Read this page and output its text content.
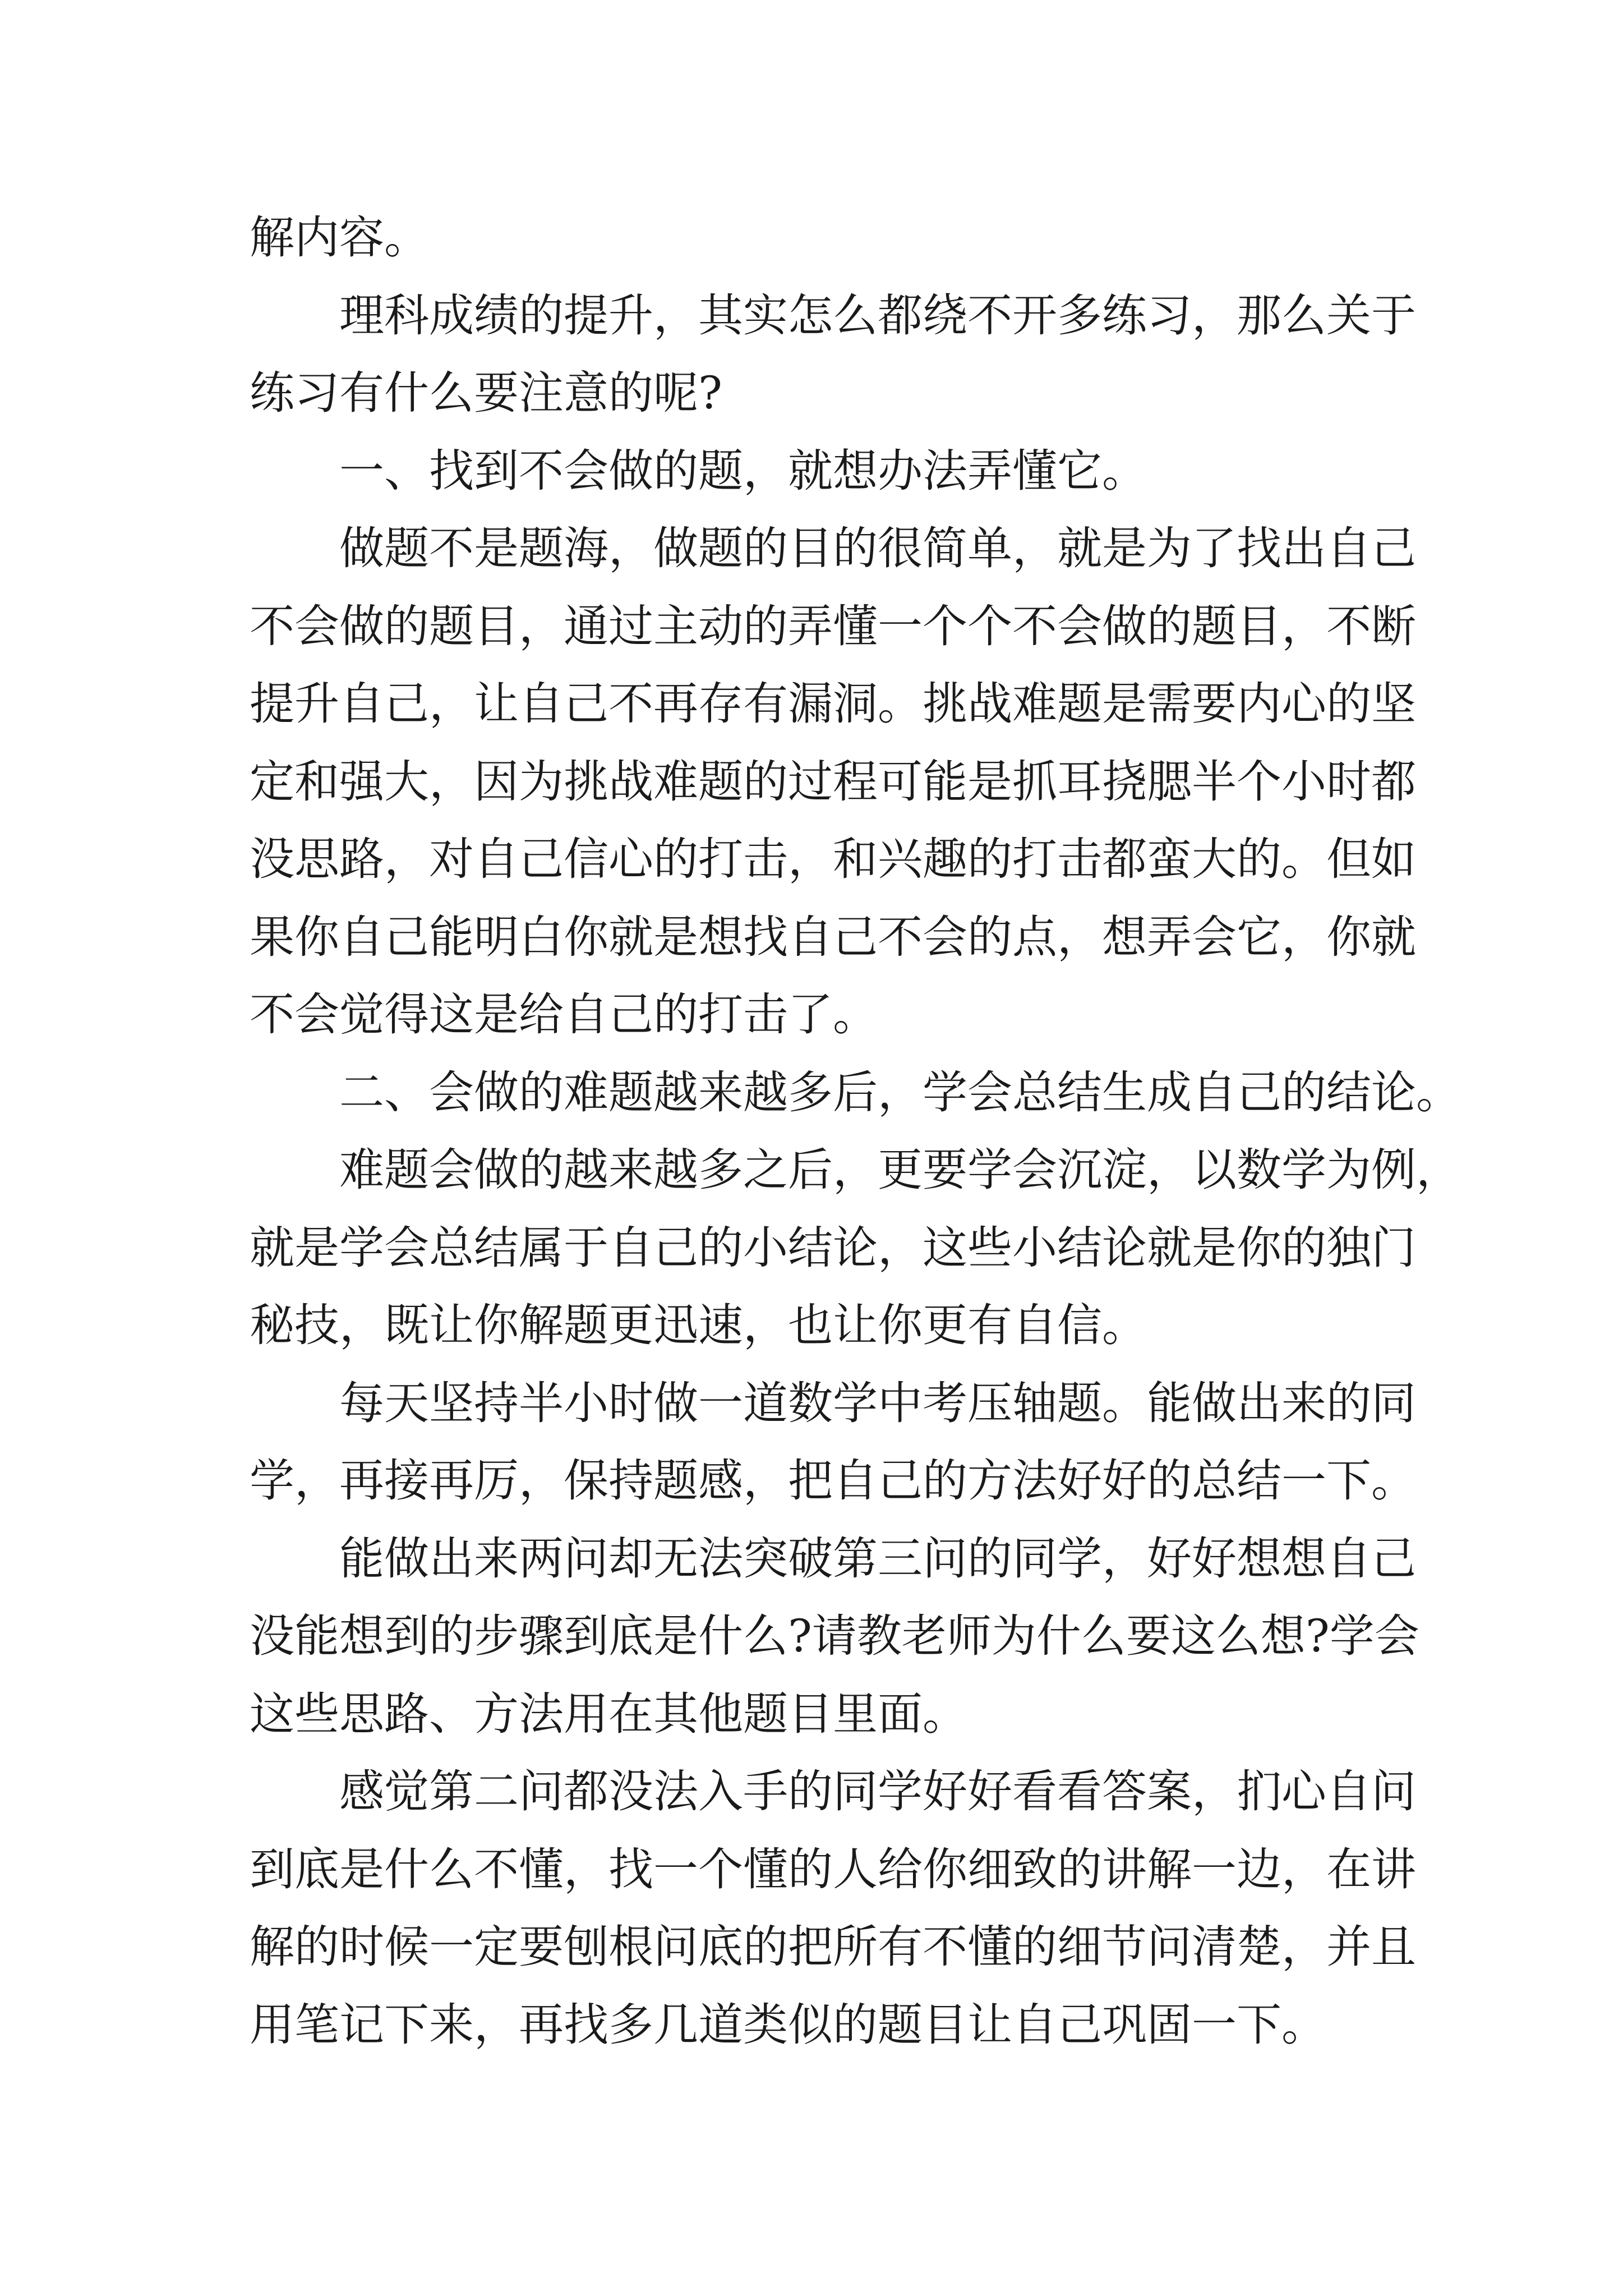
解内容。

理科成绩的提升，其实怎么都绕不开多练习，那么关于

练习有什么要注意的呢?

一、找到不会做的题，就想办法弄懂它。

做题不是题海，做题的目的很简单，就是为了找出自己

不会做的题目，通过主动的弄懂一个个不会做的题目，不断

提升自己，让自己不再存有漏洞。挑战难题是需要内心的坚

定和强大，因为挑战难题的过程可能是抓耳挠腮半个小时都

没思路，对自己信心的打击，和兴趣的打击都蛮大的。但如

果你自己能明白你就是想找自己不会的点，想弄会它，你就

不会觉得这是给自己的打击了。

二、会做的难题越来越多后，学会总结生成自己的结论。

难题会做的越来越多之后，更要学会沉淀，以数学为例，

就是学会总结属于自己的小结论，这些小结论就是你的独门

秘技，既让你解题更迅速，也让你更有自信。

每天坚持半小时做一道数学中考压轴题。能做出来的同

学，再接再厉，保持题感，把自己的方法好好的总结一下。

能做出来两问却无法突破第三问的同学，好好想想自己

没能想到的步骤到底是什么?请教老师为什么要这么想?学会

这些思路、方法用在其他题目里面。

感觉第二问都没法入手的同学好好看看答案，扪心自问

到底是什么不懂，找一个懂的人给你细致的讲解一边，在讲

解的时候一定要刨根问底的把所有不懂的细节问清楚，并且

用笔记下来，再找多几道类似的题目让自己巩固一下。
